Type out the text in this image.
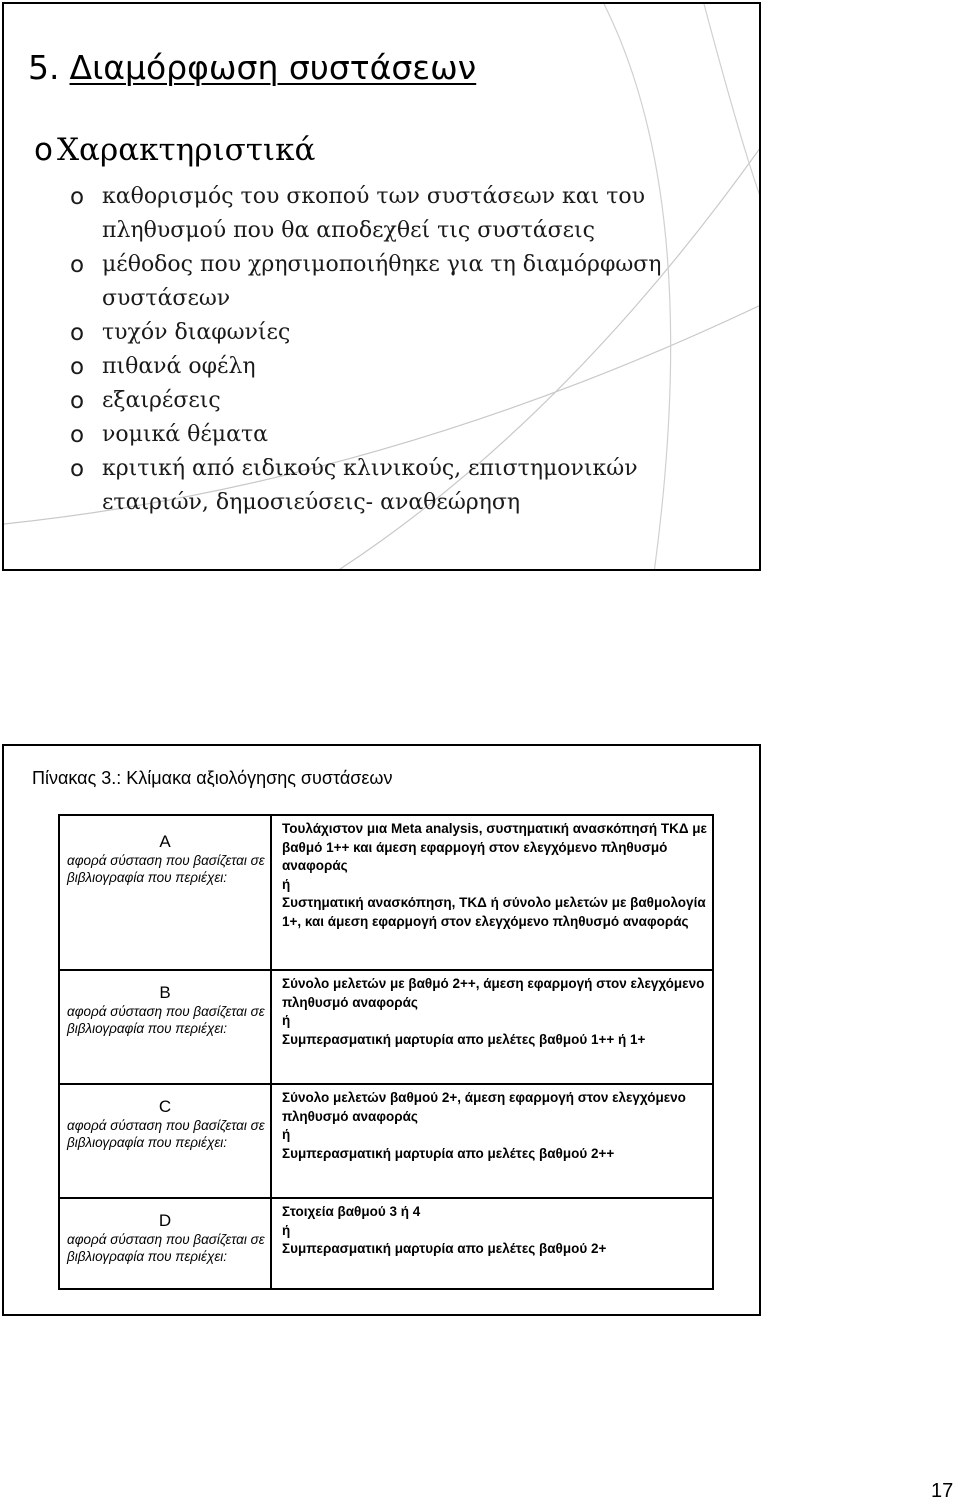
5. Διαμόρφωση συστάσεων
o Χαρακτηριστικά
o καθορισμός του σκοπού των συστάσεων και του πληθυσμού που θα αποδεχθεί τις συστάσεις
o μέθοδος που χρησιμοποιήθηκε για τη διαμόρφωση συστάσεων
o τυχόν διαφωνίες
o πιθανά οφέλη
o εξαιρέσεις
o νομικά θέματα
o κριτική από ειδικούς κλινικούς, επιστημονικών εταιριών, δημοσιεύσεις- αναθεώρηση
Πίνακας 3.: Κλίμακα αξιολόγησης συστάσεων
A
αφορά σύσταση που βασίζεται σε βιβλιογραφία που περιέχει:
Τουλάχιστον μια Meta analysis, συστηματική ανασκόπησή ΤΚΔ με βαθμό 1++ και άμεση εφαρμογή στον ελεγχόμενο πληθυσμό αναφοράς
ή
Συστηματική ανασκόπηση, ΤΚΔ ή σύνολο μελετών με βαθμολογία 1+, και άμεση εφαρμογή στον ελεγχόμενο πληθυσμό αναφοράς
B
αφορά σύσταση που βασίζεται σε βιβλιογραφία που περιέχει:
Σύνολο μελετών με βαθμό 2++, άμεση εφαρμογή στον ελεγχόμενο πληθυσμό αναφοράς
ή
Συμπερασματική μαρτυρία απο μελέτες βαθμού 1++ ή 1+
C
αφορά σύσταση που βασίζεται σε βιβλιογραφία που περιέχει:
Σύνολο μελετών βαθμού 2+, άμεση εφαρμογή στον ελεγχόμενο πληθυσμό αναφοράς
ή
Συμπερασματική μαρτυρία απο μελέτες βαθμού 2++
D
αφορά σύσταση που βασίζεται σε βιβλιογραφία που περιέχει:
Στοιχεία βαθμού 3 ή 4
ή
Συμπερασματική μαρτυρία απο μελέτες βαθμού 2+
17
